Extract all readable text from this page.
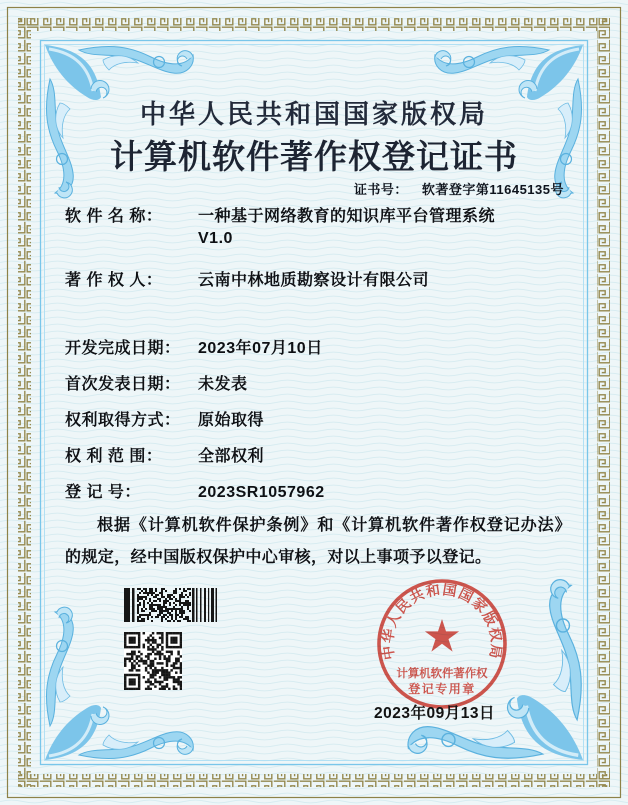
中华人民共和国国家版权局
计算机软件著作权登记证书
证书号： 软著登字第11645135号
软 件 名 称：	一种基于网络教育的知识库平台管理系统
V1.0
著 作 权 人：	云南中林地质勘察设计有限公司
开发完成日期：	2023年07月10日
首次发表日期：	未发表
权利取得方式：	原始取得
权 利 范 围：	全部权利
登 记 号：	2023SR1057962
根据《计算机软件保护条例》和《计算机软件著作权登记办法》的规定，经中国版权保护中心审核，对以上事项予以登记。
中华人民共和国国家版权局
计算机软件著作权
登记专用章
2023年09月13日
